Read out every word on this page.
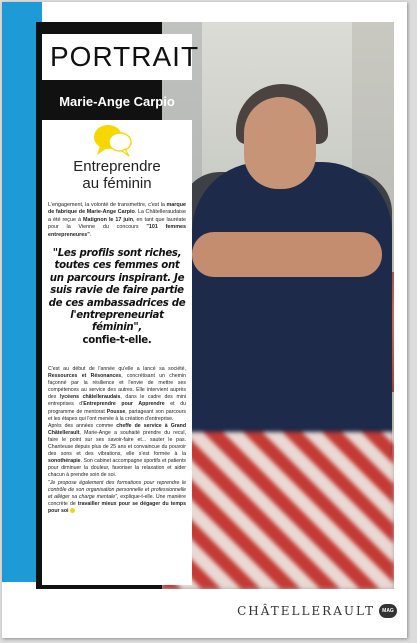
PORTRAIT
Marie-Ange Carpio
Entreprendre
au féminin
L'engagement, la volonté de transmettre, c'est la marque de fabrique de Marie-Ange Carpio. La Châtelleraudaise a été reçue à Matignon le 17 juin, en tant que lauréate pour la Vienne du concours "101 femmes entrepreneures".
"Les profils sont riches, toutes ces femmes ont un parcours inspirant. Je suis ravie de faire partie de ces ambassadrices de l'entrepreneuriat féminin",
confie-t-elle.

C'est au début de l'année qu'elle a lancé sa société, Ressources et Résonances, concrétisant un chemin façonné par la résilience et l'envie de mettre ses compétences au service des autres. Elle intervient auprès des lycéens châtelleraudais, dans le cadre des mini entreprises d'Entreprendre pour Apprendre et du programme de mentorat Pousse, partageant son parcours et les étapes qui l'ont menée à la création d'entreprise.

Après des années comme cheffe de service à Grand Châtellerault, Marie-Ange a souhaité prendre du recul, faire le point sur ses savoir-faire et... sauter le pas. Chanteuse depuis plus de 25 ans et convaincue du pouvoir des sons et des vibrations, elle s'est formée à la sonothérapie. Son cabinet accompagne sportifs et patients pour diminuer la douleur, favoriser la relaxation et aider chacun à prendre soin de soi.

"Je propose également des formations pour reprendre le contrôle de son organisation personnelle et professionnelle et alléger sa charge mentale", explique-t-elle. Une manière concrète de travailler mieux pour se dégager du temps pour soi

CHÂTELLERAULT	MAG
